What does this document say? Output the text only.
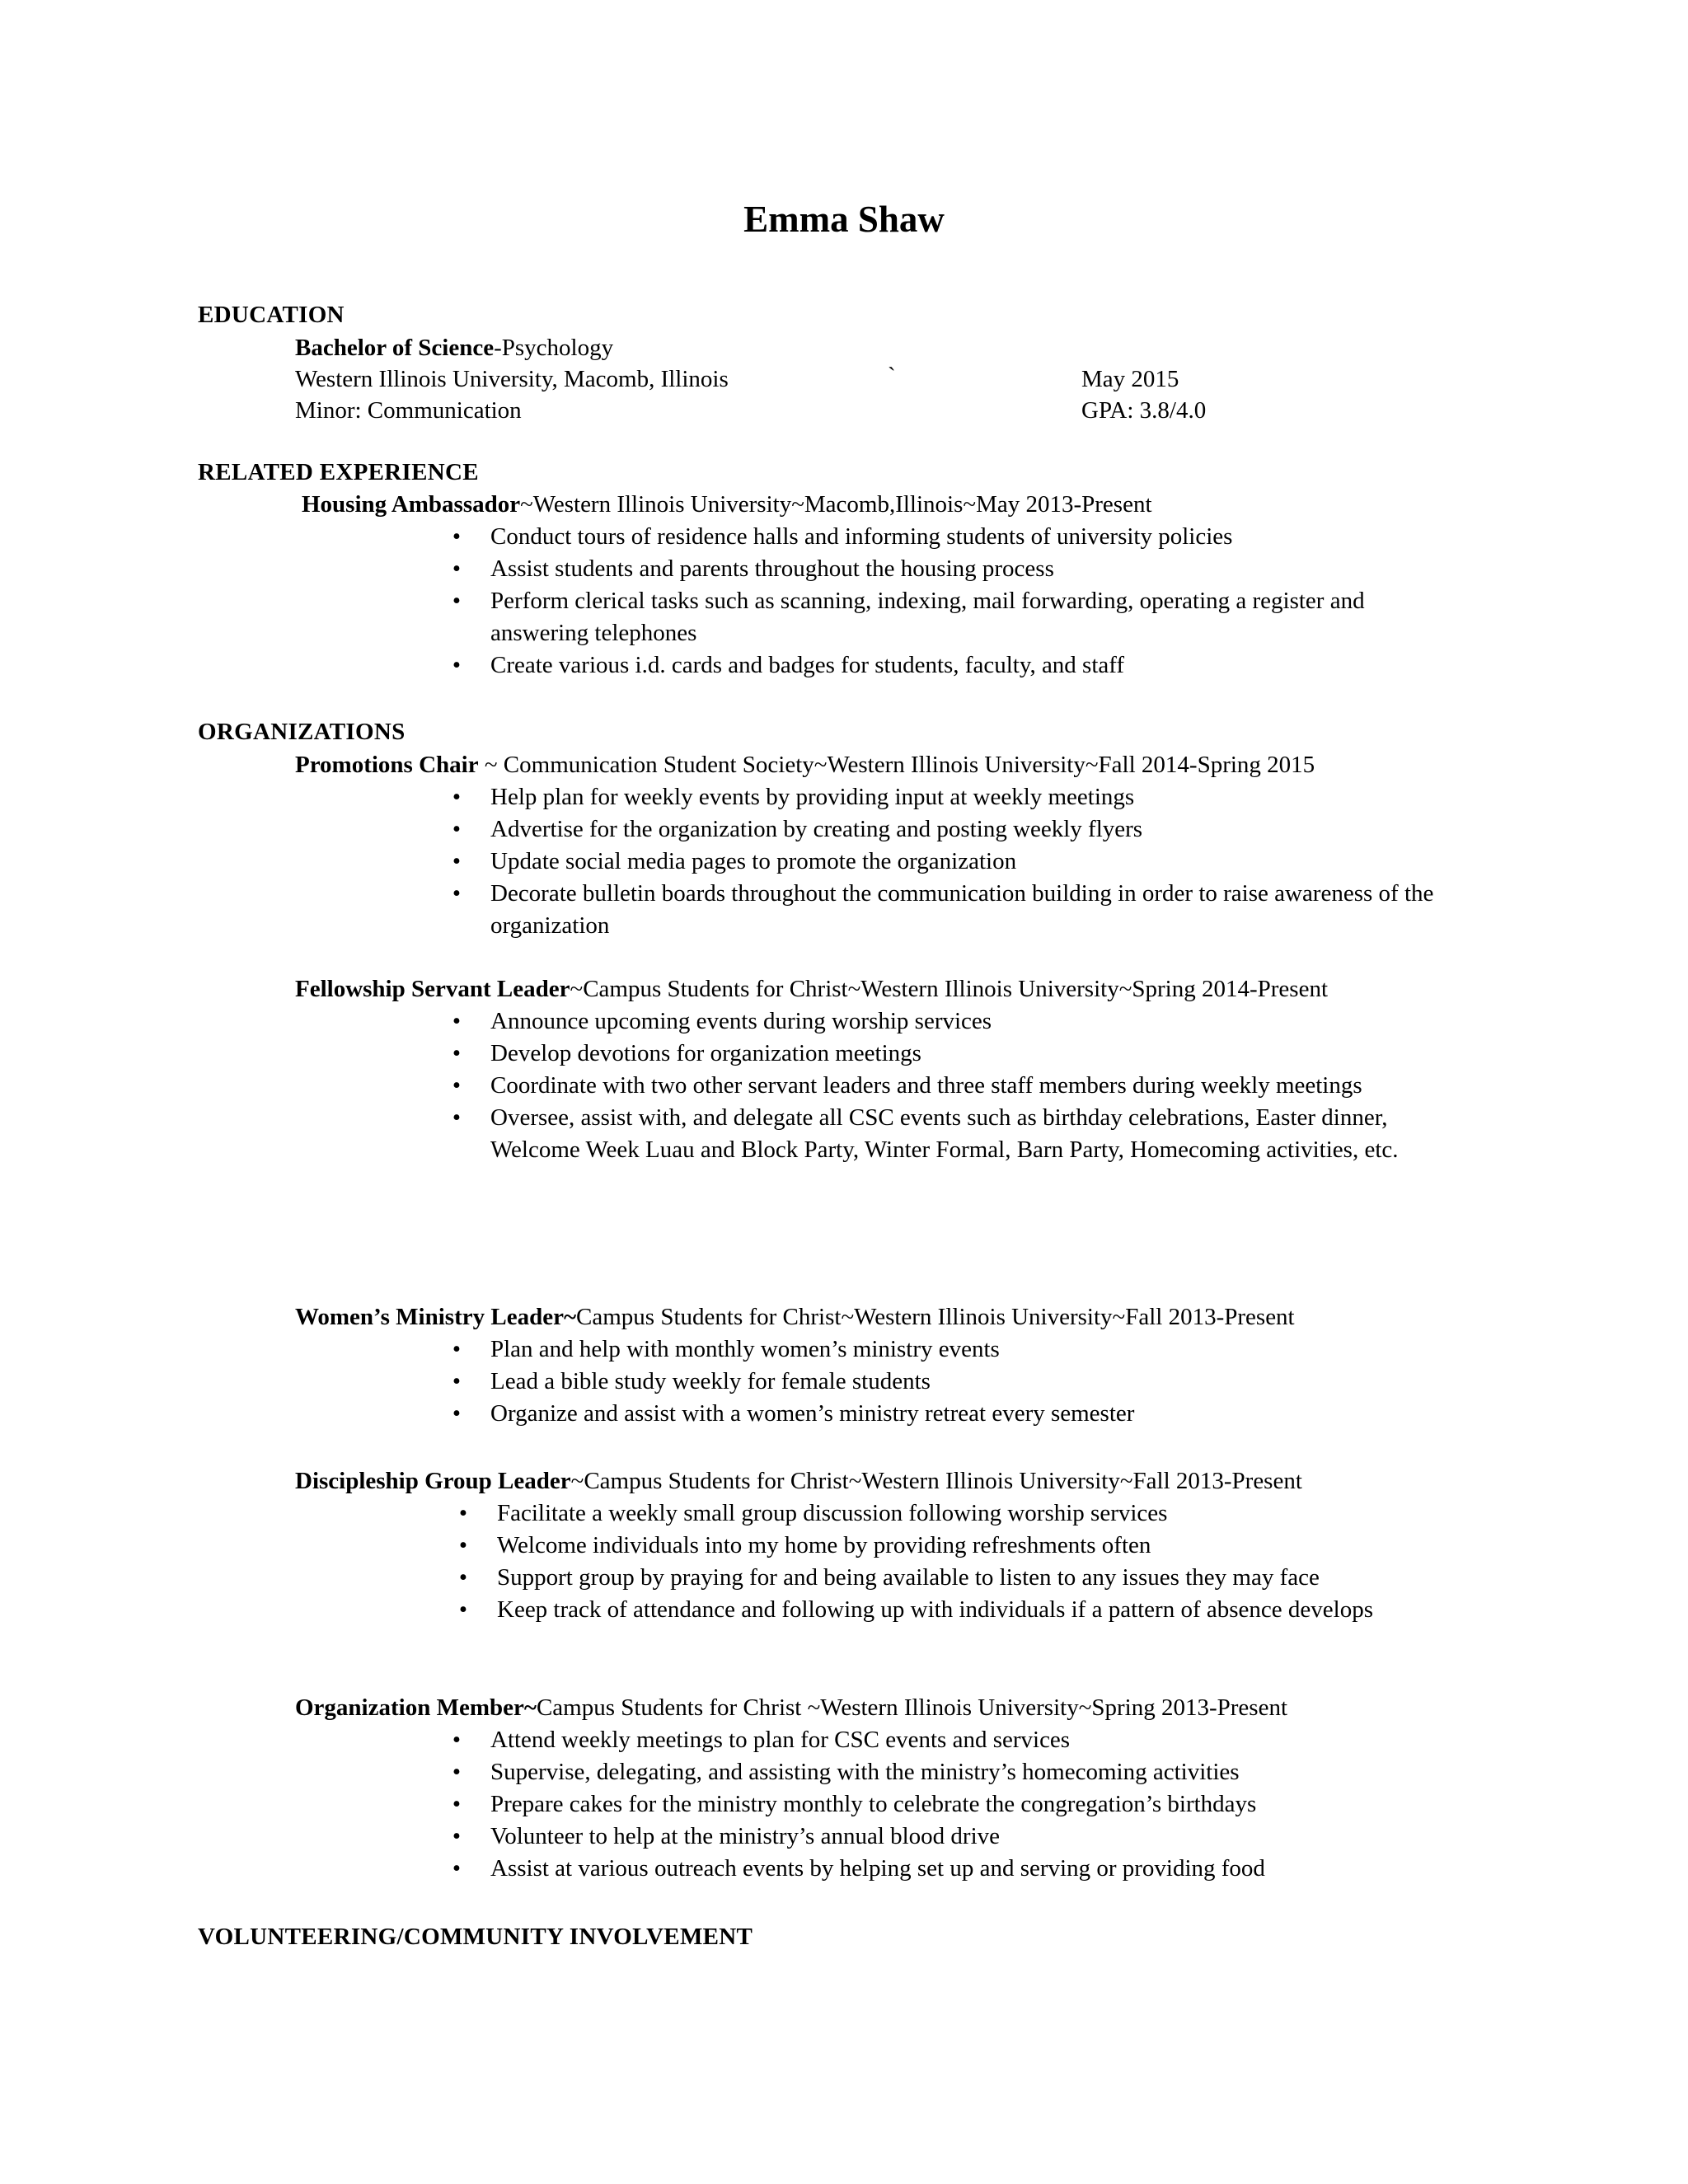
Emma Shaw
EDUCATION
Bachelor of Science-Psychology
Western Illinois University, Macomb, Illinois	`	May 2015
Minor: Communication	GPA: 3.8/4.0
RELATED EXPERIENCE
Housing Ambassador~Western Illinois University~Macomb,Illinois~May 2013-Present
• Conduct tours of residence halls and informing students of university policies
• Assist students and parents throughout the housing process
• Perform clerical tasks such as scanning, indexing, mail forwarding, operating a register and answering telephones
• Create various i.d. cards and badges for students, faculty, and staff
ORGANIZATIONS
Promotions Chair ~ Communication Student Society~Western Illinois University~Fall 2014-Spring 2015
• Help plan for weekly events by providing input at weekly meetings
• Advertise for the organization by creating and posting weekly flyers
• Update social media pages to promote the organization
• Decorate bulletin boards throughout the communication building in order to raise awareness of the organization
Fellowship Servant Leader~Campus Students for Christ~Western Illinois University~Spring 2014-Present
• Announce upcoming events during worship services
• Develop devotions for organization meetings
• Coordinate with two other servant leaders and three staff members during weekly meetings
• Oversee, assist with, and delegate all CSC events such as birthday celebrations, Easter dinner, Welcome Week Luau and Block Party, Winter Formal, Barn Party, Homecoming activities, etc.
Women’s Ministry Leader~Campus Students for Christ~Western Illinois University~Fall 2013-Present
• Plan and help with monthly women’s ministry events
• Lead a bible study weekly for female students
• Organize and assist with a women’s ministry retreat every semester
Discipleship Group Leader~Campus Students for Christ~Western Illinois University~Fall 2013-Present
• Facilitate a weekly small group discussion following worship services
• Welcome individuals into my home by providing refreshments often
• Support group by praying for and being available to listen to any issues they may face
• Keep track of attendance and following up with individuals if a pattern of absence develops
Organization Member~Campus Students for Christ ~Western Illinois University~Spring 2013-Present
• Attend weekly meetings to plan for CSC events and services
• Supervise, delegating, and assisting with the ministry’s homecoming activities
• Prepare cakes for the ministry monthly to celebrate the congregation’s birthdays
• Volunteer to help at the ministry’s annual blood drive
• Assist at various outreach events by helping set up and serving or providing food
VOLUNTEERING/COMMUNITY INVOLVEMENT
